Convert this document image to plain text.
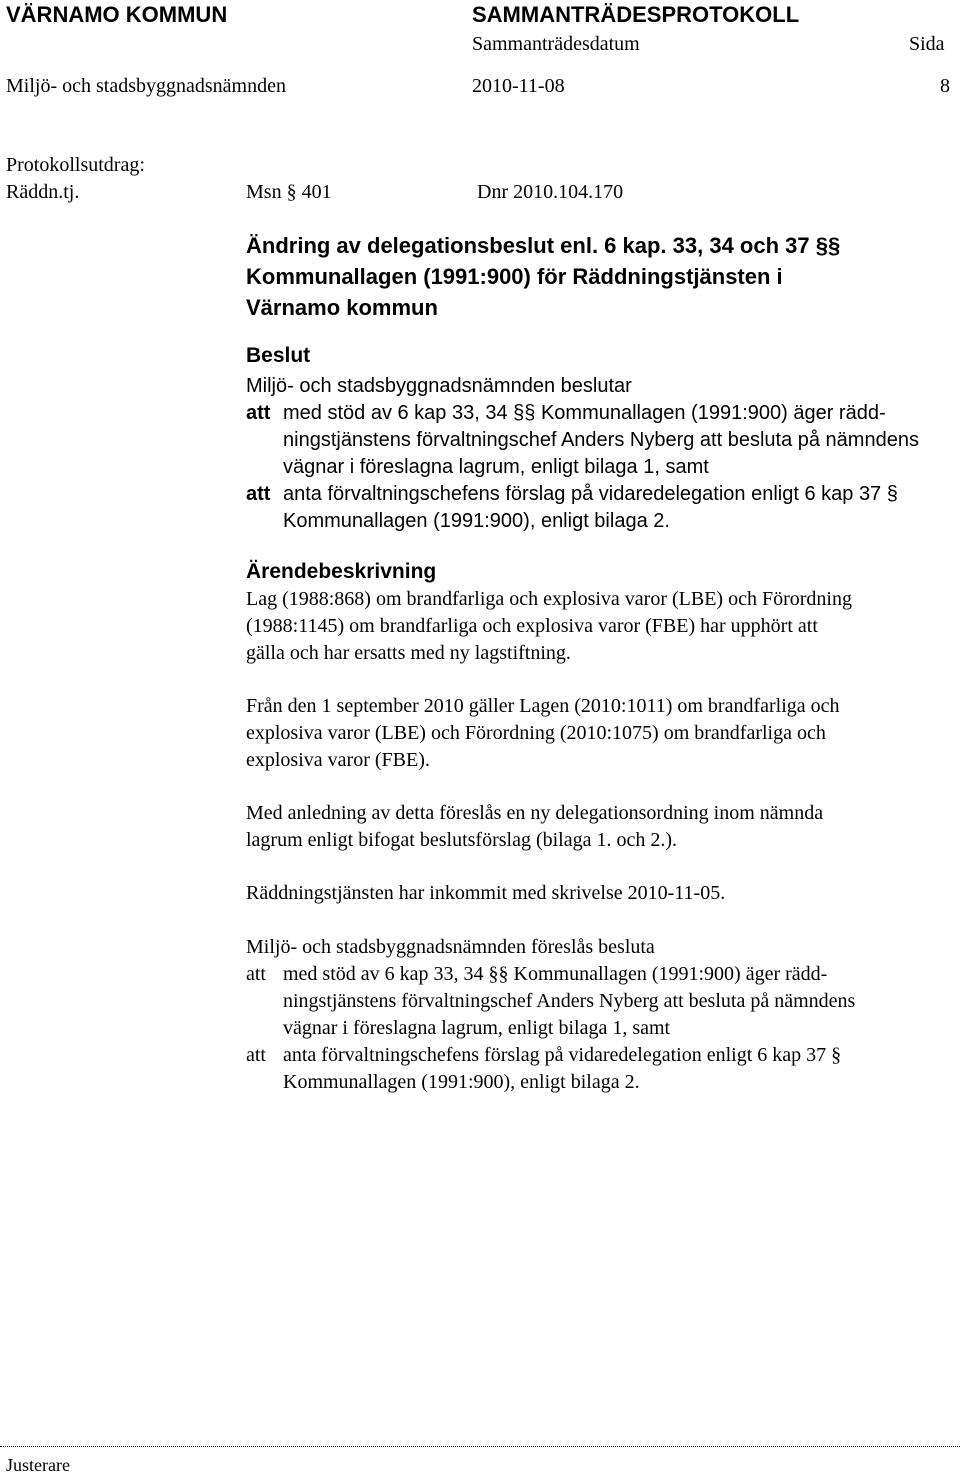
VÄRNAMO KOMMUN	SAMMANTRÄDESPROTOKOLL
Sammanträdesdatum	Sida
Miljö- och stadsbyggnadsnämnden	2010-11-08	8
Protokollsutdrag:
Räddn.tj.	Msn § 401	Dnr 2010.104.170
Ändring av delegationsbeslut enl. 6 kap. 33, 34 och 37 §§
Kommunallagen (1991:900) för Räddningstjänsten i
Värnamo kommun
Beslut
Miljö- och stadsbyggnadsnämnden beslutar
att med stöd av 6 kap 33, 34 §§ Kommunallagen (1991:900) äger rädd-
ningstjänstens förvaltningschef Anders Nyberg att besluta på nämndens
vägnar i föreslagna lagrum, enligt bilaga 1, samt
att anta förvaltningschefens förslag på vidaredelegation enligt 6 kap 37 §
Kommunallagen (1991:900), enligt bilaga 2.
Ärendebeskrivning
Lag (1988:868) om brandfarliga och explosiva varor (LBE) och Förordning
(1988:1145) om brandfarliga och explosiva varor (FBE) har upphört att
gälla och har ersatts med ny lagstiftning.
Från den 1 september 2010 gäller Lagen (2010:1011) om brandfarliga och
explosiva varor (LBE) och Förordning (2010:1075) om brandfarliga och
explosiva varor (FBE).
Med anledning av detta föreslås en ny delegationsordning inom nämnda
lagrum enligt bifogat beslutsförslag (bilaga 1. och 2.).
Räddningstjänsten har inkommit med skrivelse 2010-11-05.
Miljö- och stadsbyggnadsnämnden föreslås besluta
att med stöd av 6 kap 33, 34 §§ Kommunallagen (1991:900) äger rädd-
ningstjänstens förvaltningschef Anders Nyberg att besluta på nämndens
vägnar i föreslagna lagrum, enligt bilaga 1, samt
att anta förvaltningschefens förslag på vidaredelegation enligt 6 kap 37 §
Kommunallagen (1991:900), enligt bilaga 2.
Justerare
